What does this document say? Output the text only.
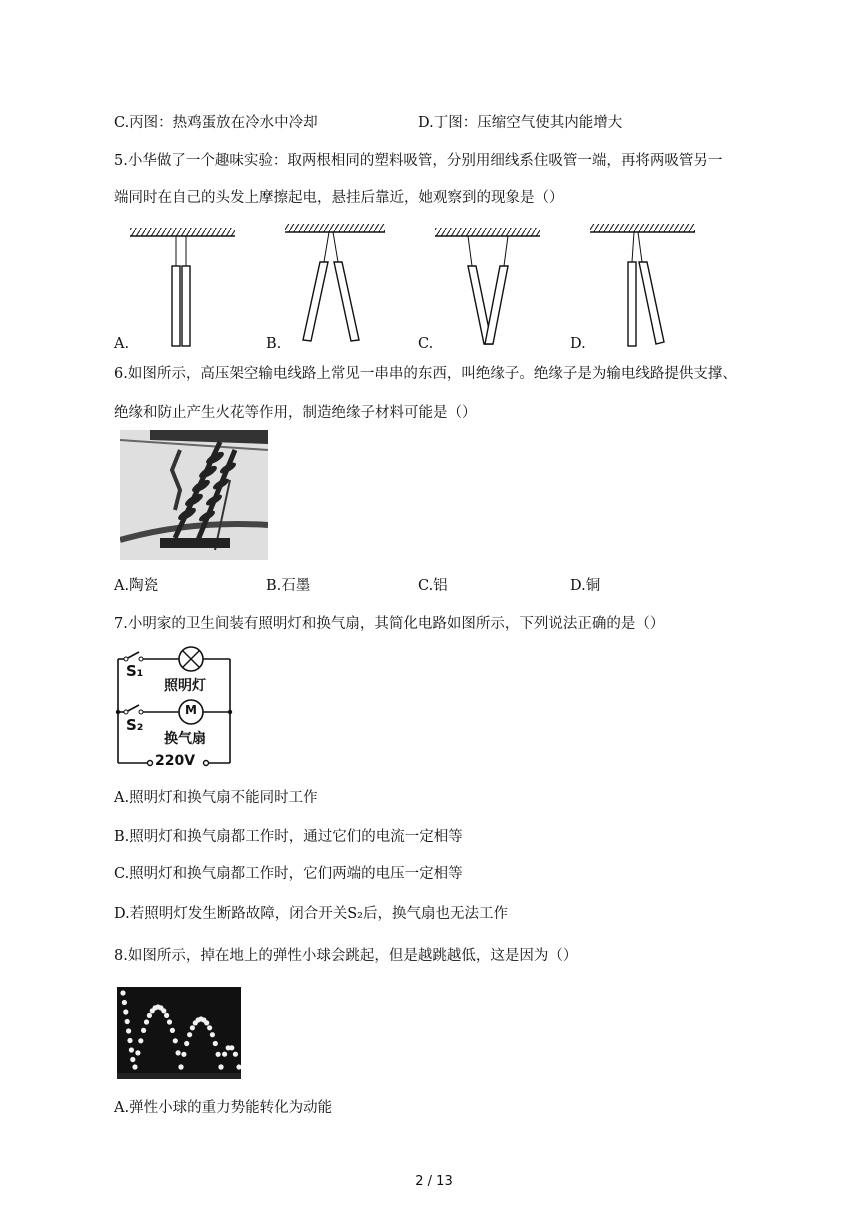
C.丙图：热鸡蛋放在冷水中冷却	D.丁图：压缩空气使其内能增大
5.小华做了一个趣味实验：取两根相同的塑料吸管，分别用细线系住吸管一端，再将两吸管另一
端同时在自己的头发上摩擦起电，悬挂后靠近，她观察到的现象是（）
A.	B.	C.	D.
6.如图所示，高压架空输电线路上常见一串串的东西，叫绝缘子。绝缘子是为输电线路提供支撑、
绝缘和防止产生火花等作用，制造绝缘子材料可能是（）
A.陶瓷	B.石墨	C.铝	D.铜
7.小明家的卫生间装有照明灯和换气扇，其简化电路如图所示，下列说法正确的是（）
S₁
照明灯
M
S₂
换气扇
220V
A.照明灯和换气扇不能同时工作
B.照明灯和换气扇都工作时，通过它们的电流一定相等
C.照明灯和换气扇都工作时，它们两端的电压一定相等
D.若照明灯发生断路故障，闭合开关S₂后，换气扇也无法工作
8.如图所示，掉在地上的弹性小球会跳起，但是越跳越低，这是因为（）
A.弹性小球的重力势能转化为动能
2 / 13
